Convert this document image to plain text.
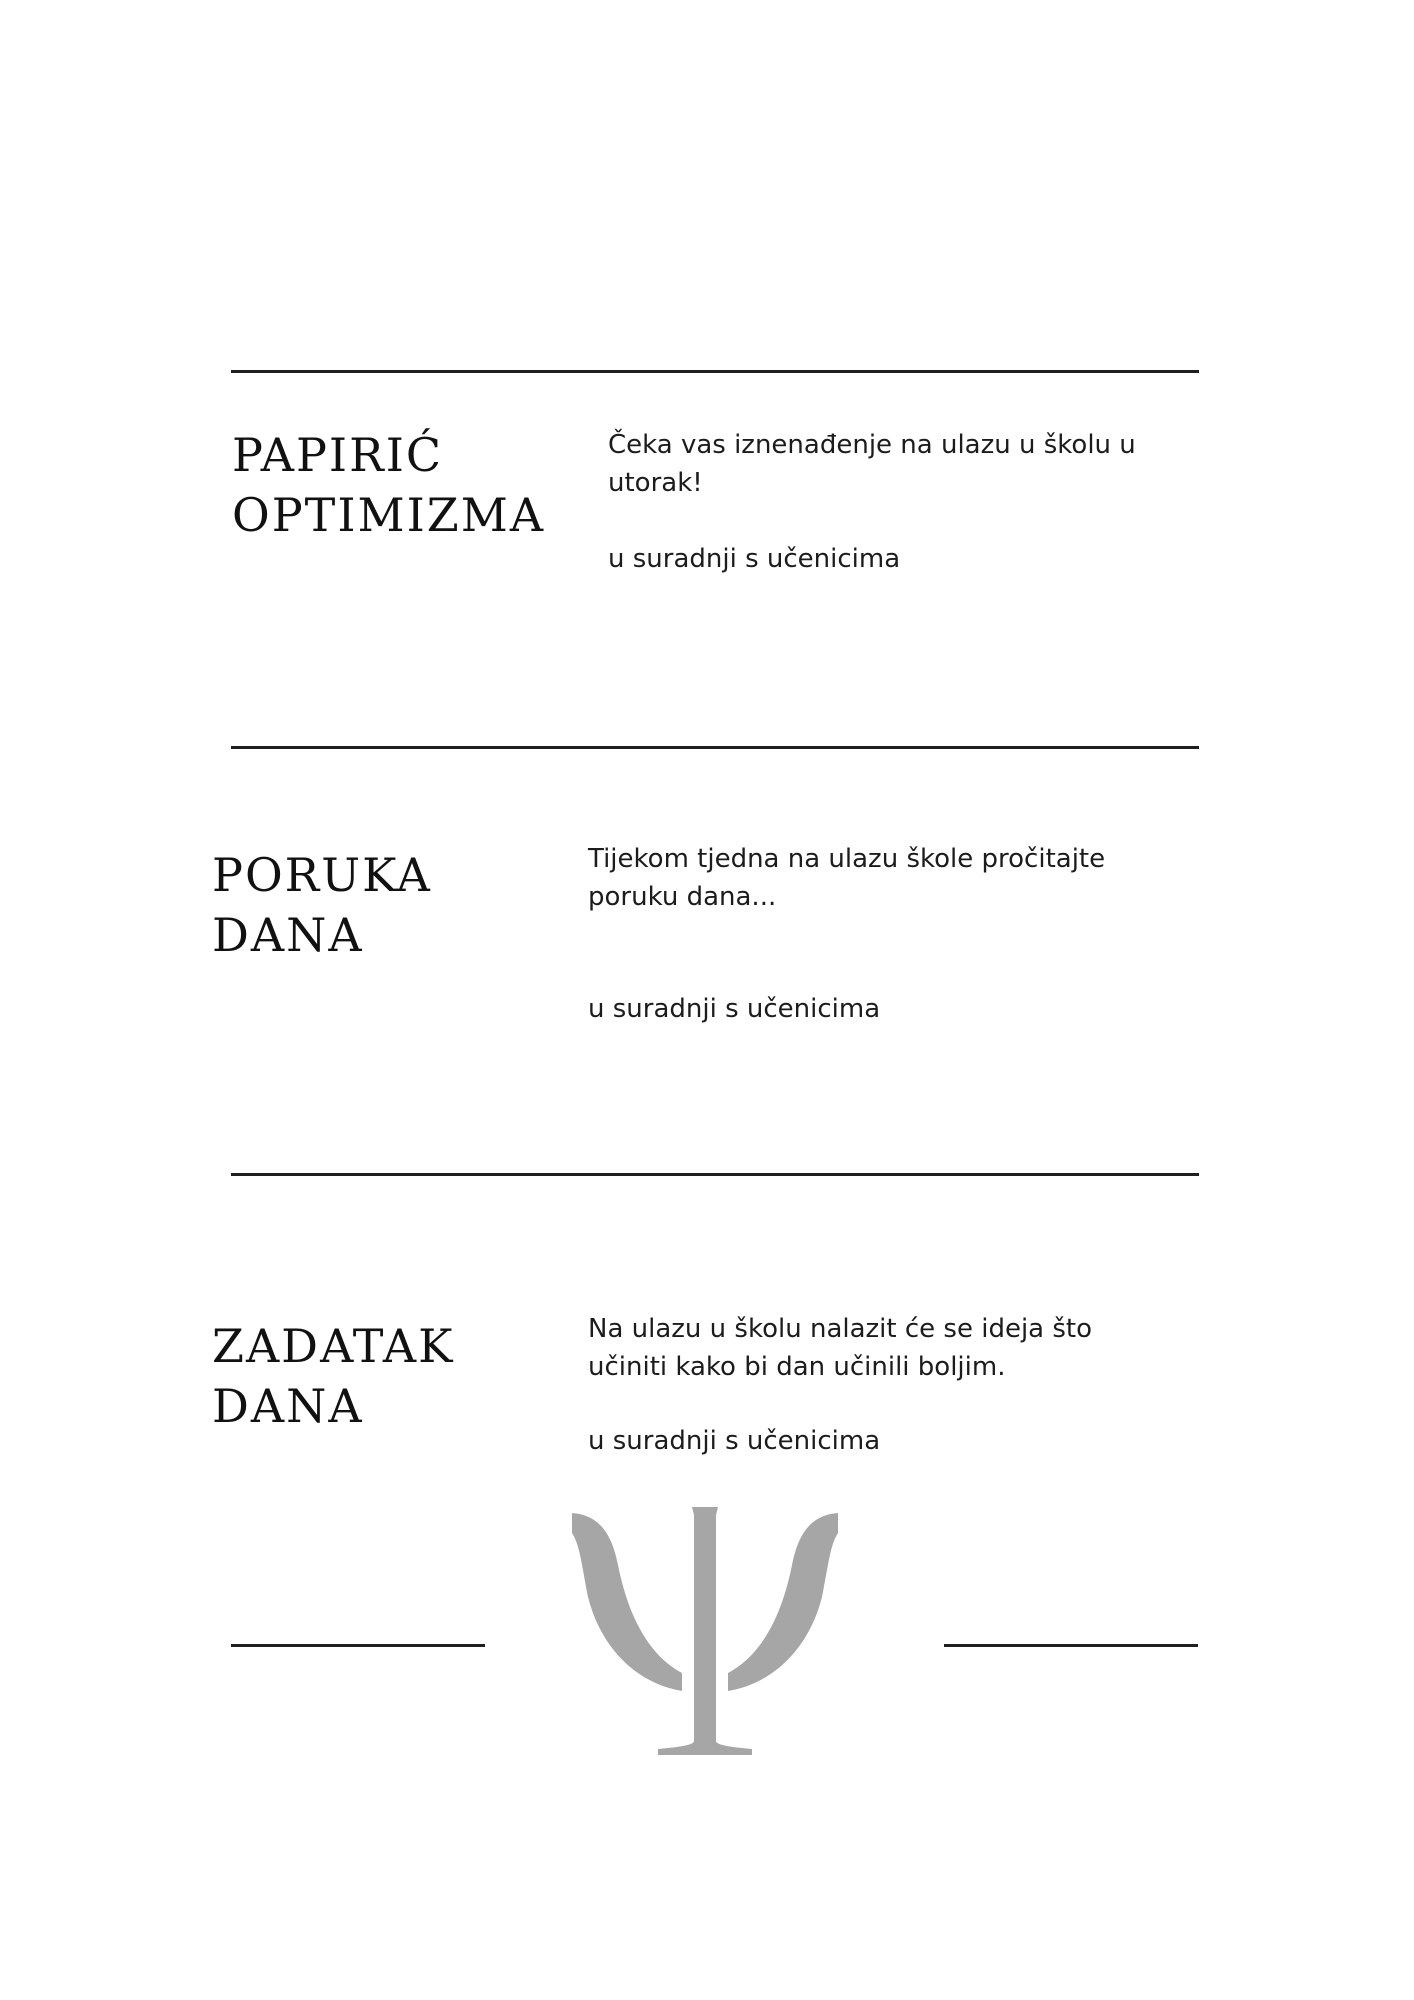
PAPIRIĆ
OPTIMIZMA

Čeka vas iznenađenje na ulazu u školu u utorak!

u suradnji s učenicima
PORUKA
DANA

Tijekom tjedna na ulazu škole pročitajte poruku dana...

u suradnji s učenicima
ZADATAK
DANA

Na ulazu u školu nalazit će se ideja što učiniti kako bi dan učinili boljim.

u suradnji s učenicima
